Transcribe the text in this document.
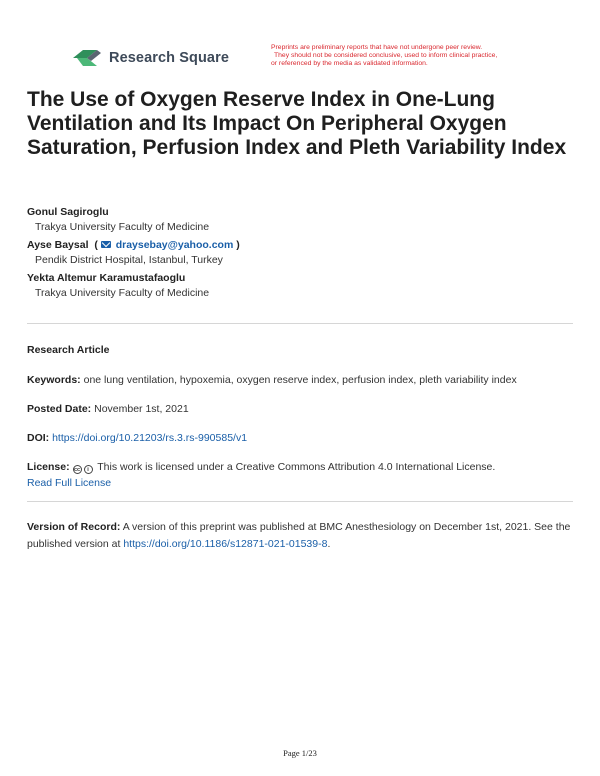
Research Square
Preprints are preliminary reports that have not undergone peer review.
They should not be considered conclusive, used to inform clinical practice,
or referenced by the media as validated information.
The Use of Oxygen Reserve Index in One-Lung Ventilation and Its Impact On Peripheral Oxygen Saturation, Perfusion Index and Pleth Variability Index
Gonul Sagiroglu
Trakya University Faculty of Medicine
Ayse Baysal  ( draysebay@yahoo.com )
Pendik District Hospital, Istanbul, Turkey
Yekta Altemur Karamustafaoglu
Trakya University Faculty of Medicine
Research Article
Keywords: one lung ventilation, hypoxemia, oxygen reserve index, perfusion index, pleth variability index
Posted Date: November 1st, 2021
DOI: https://doi.org/10.21203/rs.3.rs-990585/v1
License: cc i This work is licensed under a Creative Commons Attribution 4.0 International License.
Read Full License
Version of Record: A version of this preprint was published at BMC Anesthesiology on December 1st, 2021. See the published version at https://doi.org/10.1186/s12871-021-01539-8.
Page 1/23
